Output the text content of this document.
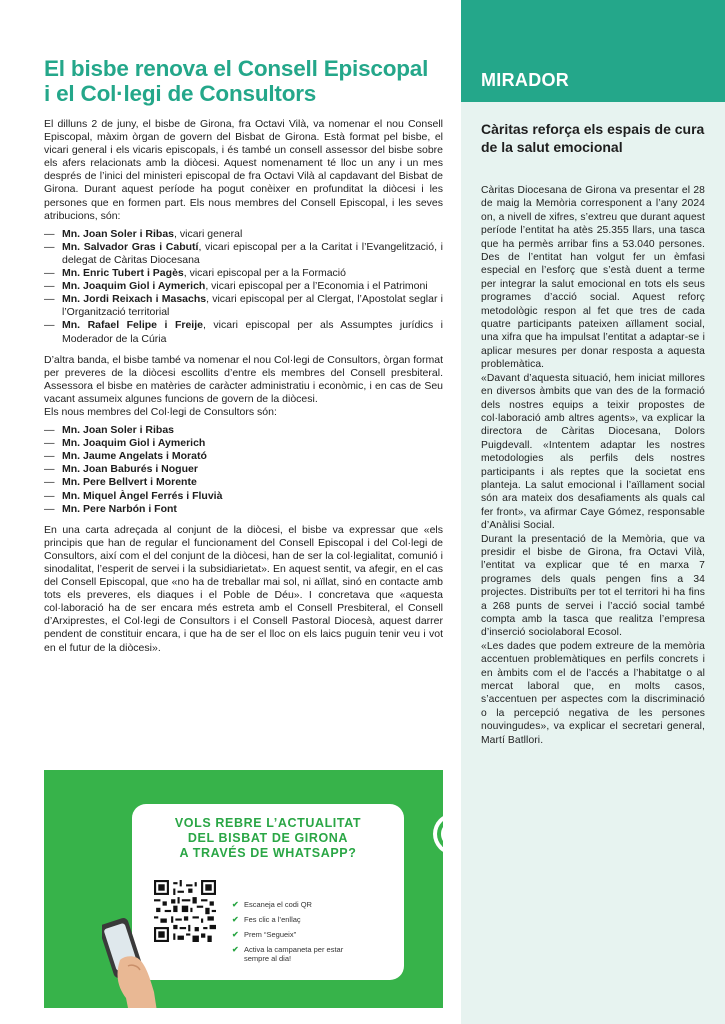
El bisbe renova el Consell Episcopal
i el Col·legi de Consultors

El dilluns 2 de juny, el bisbe de Girona, fra Octavi Vilà, va nomenar el nou Consell Episcopal, màxim òrgan de govern del Bisbat de Girona. Està format pel bisbe, el vicari general i els vicaris episcopals, i és també un consell assessor del bisbe sobre els afers relacionats amb la diòcesi. Aquest nomenament té lloc un any i un mes després de l’inici del ministeri episcopal de fra Octavi Vilà al capdavant del Bisbat de Girona. Durant aquest període ha pogut conèixer en profunditat la diòcesi i les persones que en formen part. Els nous membres del Consell Episcopal, i les seves atribucions, són:

— Mn. Joan Soler i Ribas, vicari general
— Mn. Salvador Gras i Cabutí, vicari episcopal per a la Caritat i l’Evangelització, i delegat de Càritas Diocesana
— Mn. Enric Tubert i Pagès, vicari episcopal per a la Formació
— Mn. Joaquim Giol i Aymerich, vicari episcopal per a l’Economia i el Patrimoni
— Mn. Jordi Reixach i Masachs, vicari episcopal per al Clergat, l’Apostolat seglar i l’Organització territorial
— Mn. Rafael Felipe i Freije, vicari episcopal per als Assumptes jurídics i Moderador de la Cúria

D’altra banda, el bisbe també va nomenar el nou Col·legi de Consultors, òrgan format per preveres de la diòcesi escollits d’entre els membres del Consell presbiteral. Assessora el bisbe en matèries de caràcter administratiu i econòmic, i en cas de Seu vacant assumeix algunes funcions de govern de la diòcesi.

Els nous membres del Col·legi de Consultors són:

— Mn. Joan Soler i Ribas
— Mn. Joaquim Giol i Aymerich
— Mn. Jaume Angelats i Morató
— Mn. Joan Baburés i Noguer
— Mn. Pere Bellvert i Morente
— Mn. Miquel Àngel Ferrés i Fluvià
— Mn. Pere Narbón i Font

En una carta adreçada al conjunt de la diòcesi, el bisbe va expressar que «els principis que han de regular el funcionament del Consell Episcopal i del Col·legi de Consultors, així com el del conjunt de la diòcesi, han de ser la col·legialitat, comunió i sinodalitat, l’esperit de servei i la subsidiarietat». En aquest sentit, va afegir, en el cas del Consell Episcopal, que «no ha de treballar mai sol, ni aïllat, sinó en contacte amb tots els preveres, els diaques i el Poble de Déu». I concretava que «aquesta col·laboració ha de ser encara més estreta amb el Consell Presbiteral, el Consell d’Arxiprestes, el Col·legi de Consultors i el Consell Pastoral Diocesà, aquest darrer pendent de constituir encara, i que ha de ser el lloc on els laics puguin tenir veu i vot en el futur de la diòcesi».

VOLS REBRE L’ACTUALITAT
DEL BISBAT DE GIRONA
A TRAVÉS DE WHATSAPP?
✔ Escaneja el codi QR
✔ Fes clic a l’enllaç
✔ Prem “Segueix”
✔ Activa la campaneta per estar sempre al dia!
MIRADOR
Càritas reforça els espais de cura de la salut emocional

Càritas Diocesana de Girona va presentar el 28 de maig la Memòria corresponent a l’any 2024 on, a nivell de xifres, s’extreu que durant aquest període l’entitat ha atès 25.355 llars, una tasca que ha permès arribar fins a 53.040 persones. Des de l’entitat han volgut fer un èmfasi especial en l’esforç que s’està duent a terme per integrar la salut emocional en tots els seus programes d’acció social. Aquest reforç metodològic respon al fet que tres de cada quatre participants pateixen aïllament social, una xifra que ha impulsat l’entitat a adaptar-se i aplicar mesures per donar resposta a aquesta problemàtica.

«Davant d’aquesta situació, hem iniciat millores en diversos àmbits que van des de la formació dels nostres equips a teixir propostes de col·laboració amb altres agents», va explicar la directora de Càritas Diocesana, Dolors Puigdevall. «Intentem adaptar les nostres metodologies als perfils dels nostres participants i als reptes que la societat ens planteja. La salut emocional i l’aïllament social són ara mateix dos desafiaments als quals cal fer front», va afirmar Caye Gómez, responsable d’Anàlisi Social.

Durant la presentació de la Memòria, que va presidir el bisbe de Girona, fra Octavi Vilà, l’entitat va explicar que té en marxa 7 programes dels quals pengen fins a 34 projectes. Distribuïts per tot el territori hi ha fins a 268 punts de servei i l’acció social també compta amb la tasca que realitza l’empresa d’inserció sociolaboral Ecosol.

«Les dades que podem extreure de la memòria accentuen problemàtiques en perfils concrets i en àmbits com el de l’accés a l’habitatge o al mercat laboral que, en molts casos, s’accentuen per aspectes com la discriminació o la percepció negativa de les persones nouvingudes», va explicar el secretari general, Martí Batllori.
